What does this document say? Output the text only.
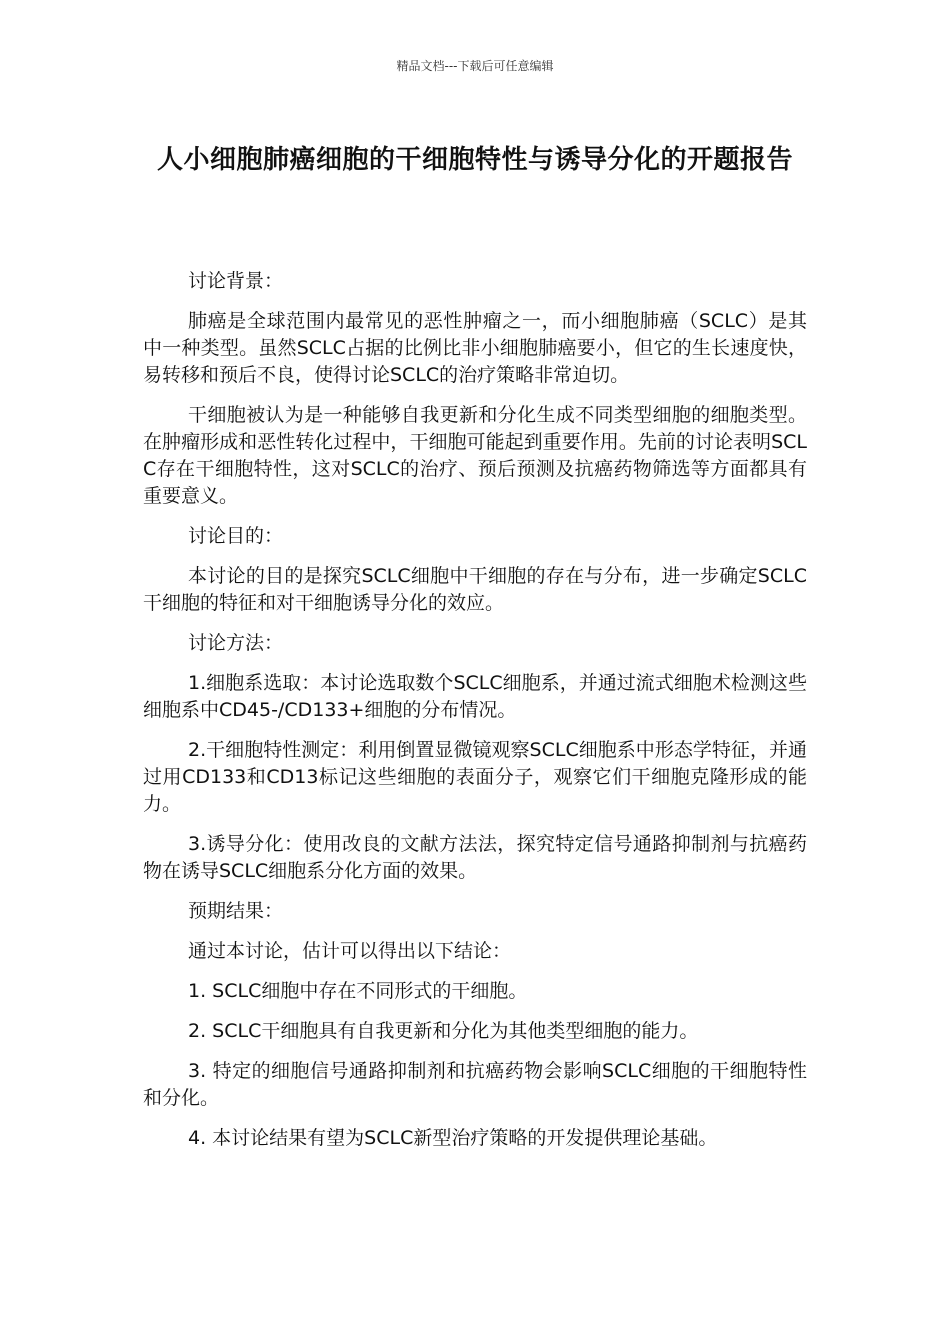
精品文档---下载后可任意编辑
人小细胞肺癌细胞的干细胞特性与诱导分化的开题报告

讨论背景：

肺癌是全球范围内最常见的恶性肿瘤之一，而小细胞肺癌（SCLC）是其中一种类型。虽然SCLC占据的比例比非小细胞肺癌要小，但它的生长速度快，易转移和预后不良，使得讨论SCLC的治疗策略非常迫切。

干细胞被认为是一种能够自我更新和分化生成不同类型细胞的细胞类型。在肿瘤形成和恶性转化过程中，干细胞可能起到重要作用。先前的讨论表明SCLC存在干细胞特性，这对SCLC的治疗、预后预测及抗癌药物筛选等方面都具有重要意义。

讨论目的：

本讨论的目的是探究SCLC细胞中干细胞的存在与分布，进一步确定SCLC干细胞的特征和对干细胞诱导分化的效应。

讨论方法：

1.细胞系选取：本讨论选取数个SCLC细胞系，并通过流式细胞术检测这些细胞系中CD45-/CD133+细胞的分布情况。

2.干细胞特性测定：利用倒置显微镜观察SCLC细胞系中形态学特征，并通过用CD133和CD13标记这些细胞的表面分子，观察它们干细胞克隆形成的能力。

3.诱导分化：使用改良的文献方法法，探究特定信号通路抑制剂与抗癌药物在诱导SCLC细胞系分化方面的效果。

预期结果：

通过本讨论，估计可以得出以下结论：

1. SCLC细胞中存在不同形式的干细胞。

2. SCLC干细胞具有自我更新和分化为其他类型细胞的能力。

3. 特定的细胞信号通路抑制剂和抗癌药物会影响SCLC细胞的干细胞特性和分化。

4. 本讨论结果有望为SCLC新型治疗策略的开发提供理论基础。
